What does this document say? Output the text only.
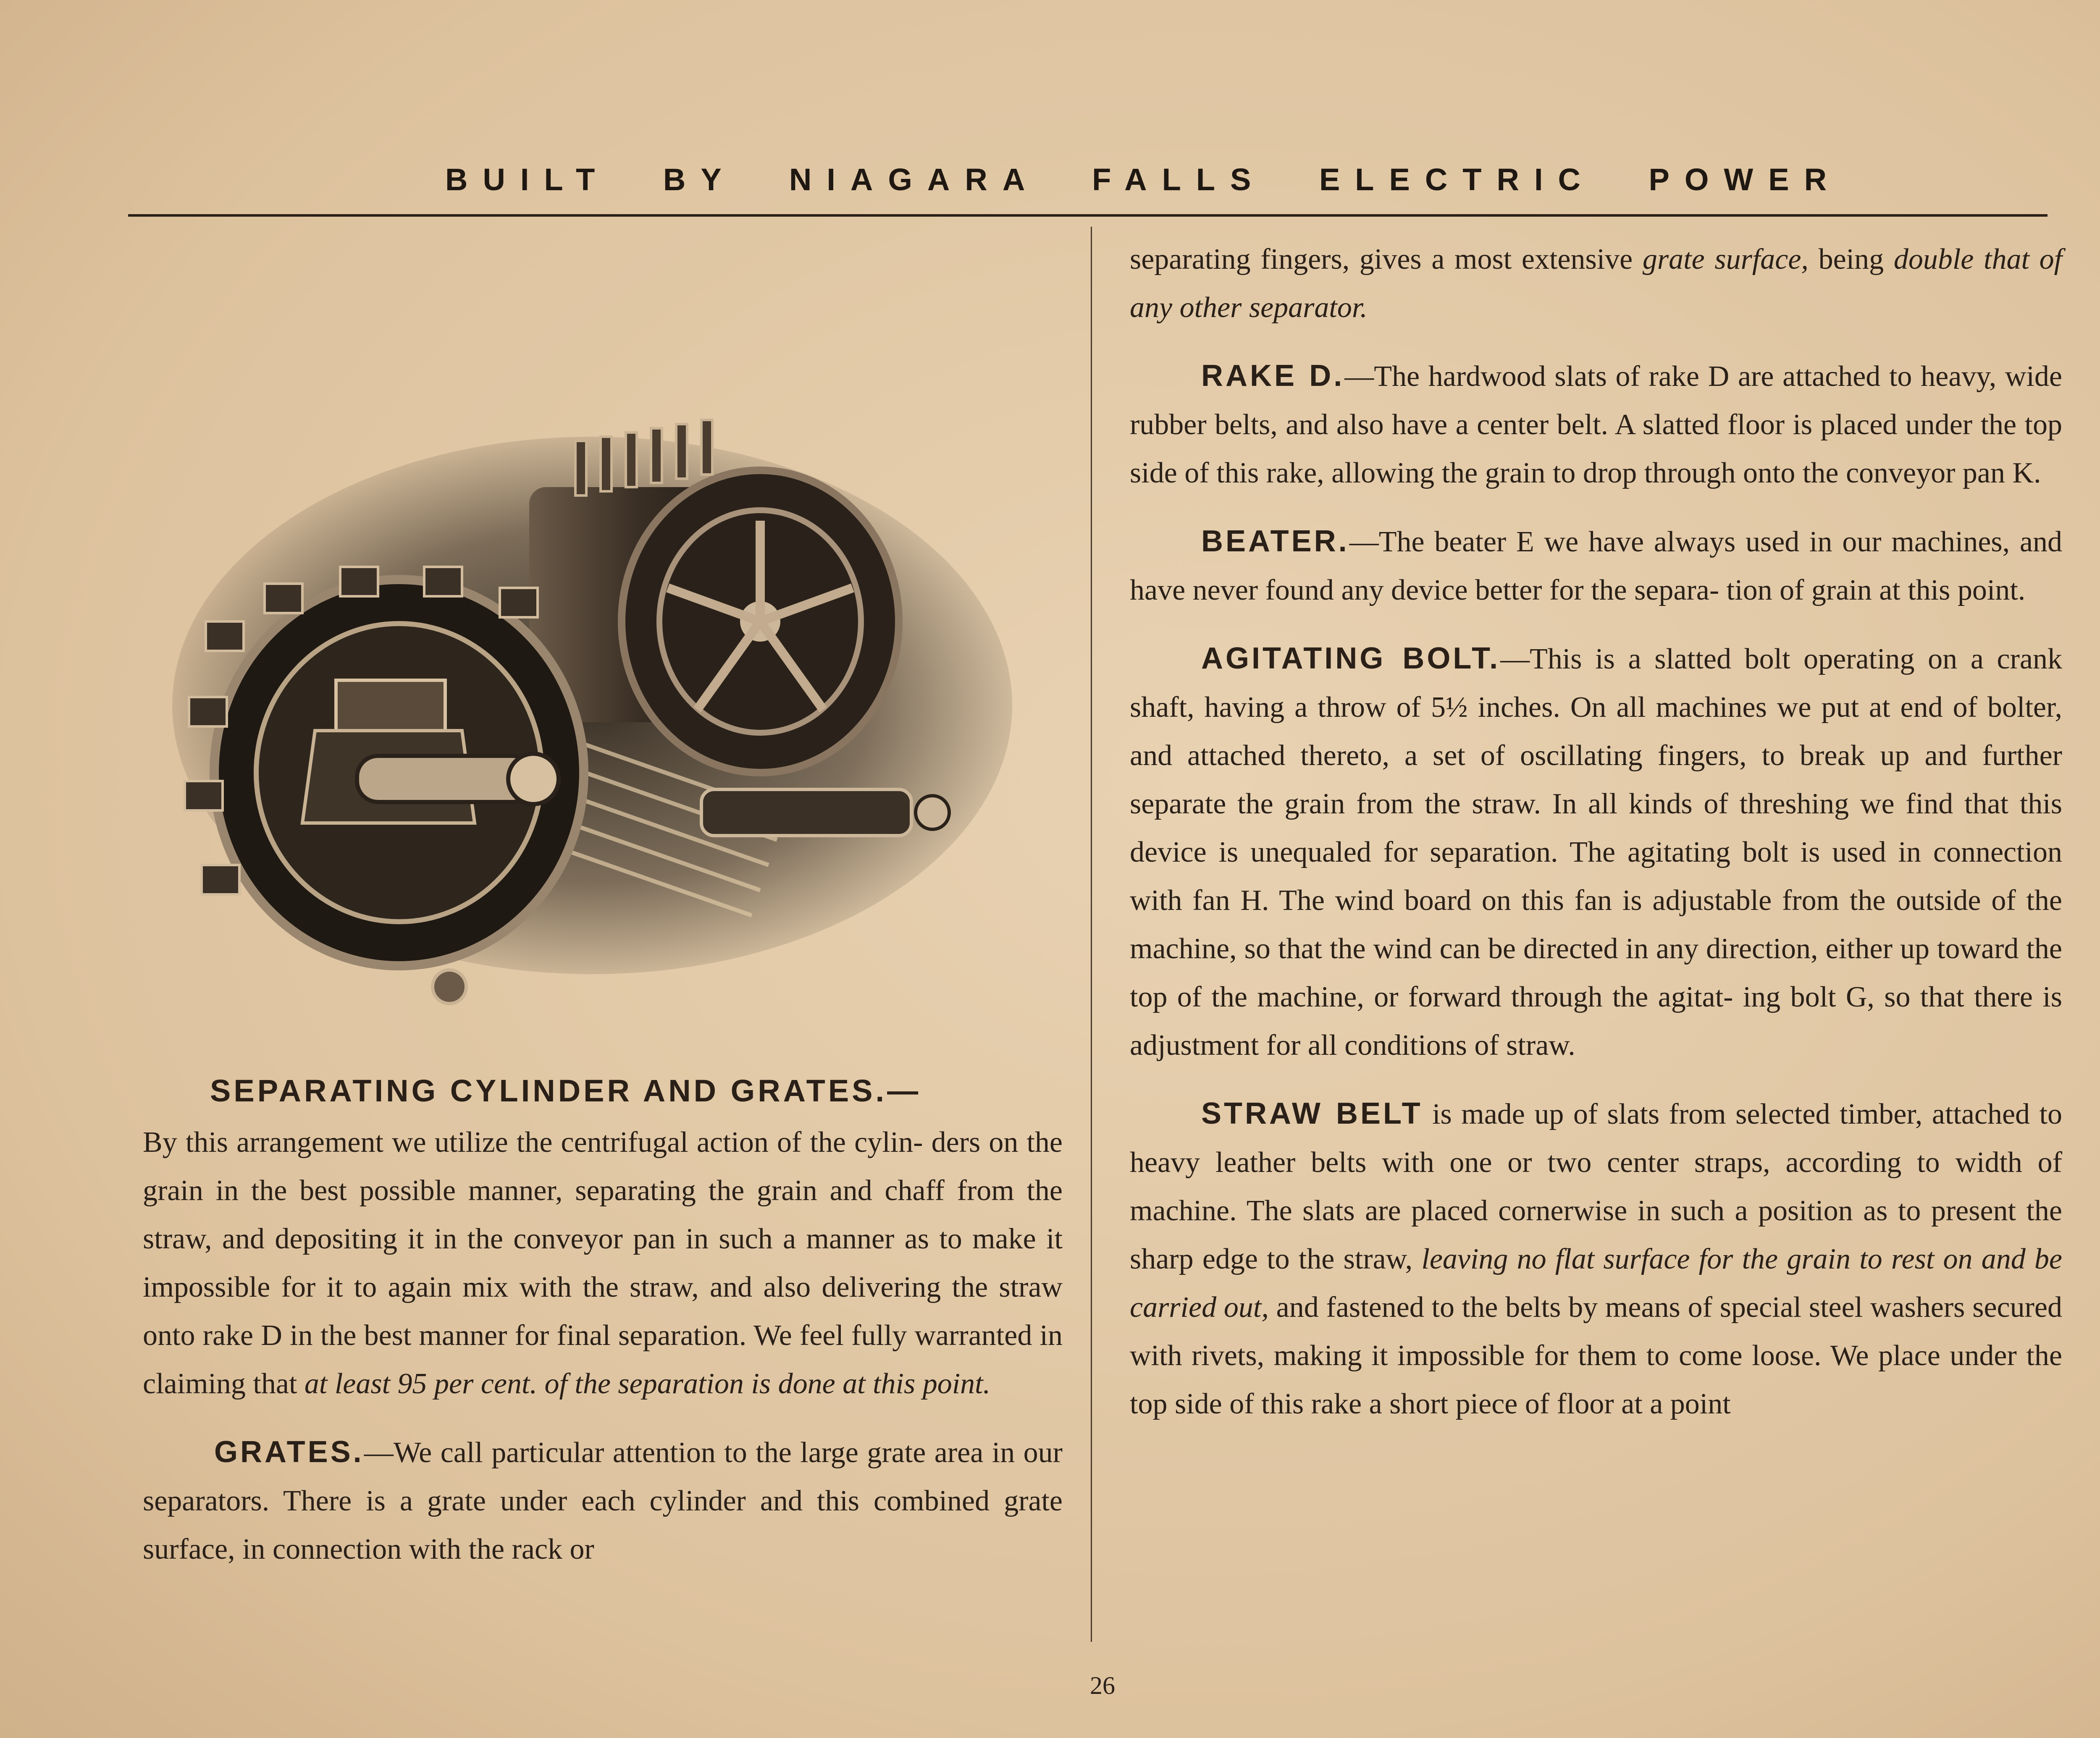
BUILT BY NIAGARA FALLS ELECTRIC POWER
SEPARATING CYLINDER AND GRATES.—

By this arrangement we utilize the centrifugal action of the cylin- ders on the grain in the best possible manner, separating the grain and chaff from the straw, and depositing it in the conveyor pan in such a manner as to make it impossible for it to again mix with the straw, and also delivering the straw onto rake D in the best manner for final separation. We feel fully warranted in claiming that at least 95 per cent. of the separation is done at this point.

GRATES.—We call particular attention to the large grate area in our separators. There is a grate under each cylinder and this combined grate surface, in connection with the rack or

separating fingers, gives a most extensive grate surface, being double that of any other separator.

RAKE D.—The hardwood slats of rake D are attached to heavy, wide rubber belts, and also have a center belt. A slatted floor is placed under the top side of this rake, allowing the grain to drop through onto the conveyor pan K.

BEATER.—The beater E we have always used in our machines, and have never found any device better for the separa- tion of grain at this point.

AGITATING BOLT.—This is a slatted bolt operating on a crank shaft, having a throw of 5½ inches. On all machines we put at end of bolter, and attached thereto, a set of oscillating fingers, to break up and further separate the grain from the straw. In all kinds of threshing we find that this device is unequaled for separation. The agitating bolt is used in connection with fan H. The wind board on this fan is adjustable from the outside of the machine, so that the wind can be directed in any direction, either up toward the top of the machine, or forward through the agitat- ing bolt G, so that there is adjustment for all conditions of straw.

STRAW BELT is made up of slats from selected timber, attached to heavy leather belts with one or two center straps, according to width of machine. The slats are placed cornerwise in such a position as to present the sharp edge to the straw, leaving no flat surface for the grain to rest on and be carried out, and fastened to the belts by means of special steel washers secured with rivets, making it impossible for them to come loose. We place under the top side of this rake a short piece of floor at a point

26
